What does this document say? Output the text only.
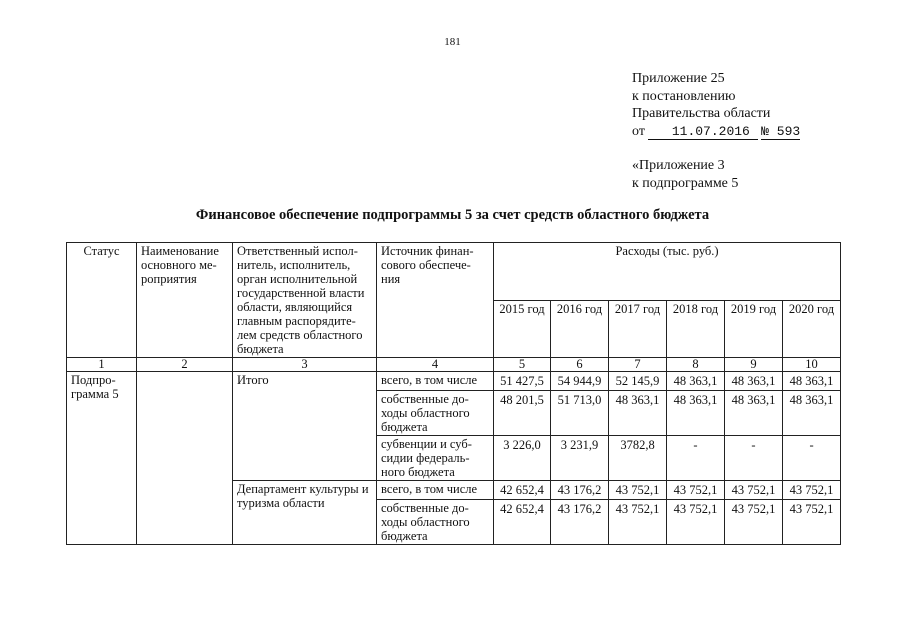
181
Приложение 25
к постановлению
Правительства области
от 11.07.2016 № 593
«Приложение 3
к подпрограмме 5
Финансовое обеспечение подпрограммы 5 за счет средств областного бюджета
Статус	Наименование основного ме-роприятия	Ответственный испол-нитель, исполнитель, орган исполнительной государственной власти области, являющийся главным распорядите-лем средств областного бюджета	Источник финан-сового обеспече-ния	Расходы (тыс. руб.)					
				2015 год	2016 год	2017 год	2018 год	2019 год	2020 год
1	2	3	4	5	6	7	8	9	10
Подпро-грамма 5		Итого	всего, в том числе	51 427,5	54 944,9	52 145,9	48 363,1	48 363,1	48 363,1
			собственные до-ходы областного бюджета	48 201,5	51 713,0	48 363,1	48 363,1	48 363,1	48 363,1
			субвенции и суб-сидии федераль-ного бюджета	3 226,0	3 231,9	3782,8	-	-	-
		Департамент культуры и туризма области	всего, в том числе	42 652,4	43 176,2	43 752,1	43 752,1	43 752,1	43 752,1
			собственные до-ходы областного бюджета	42 652,4	43 176,2	43 752,1	43 752,1	43 752,1	43 752,1
